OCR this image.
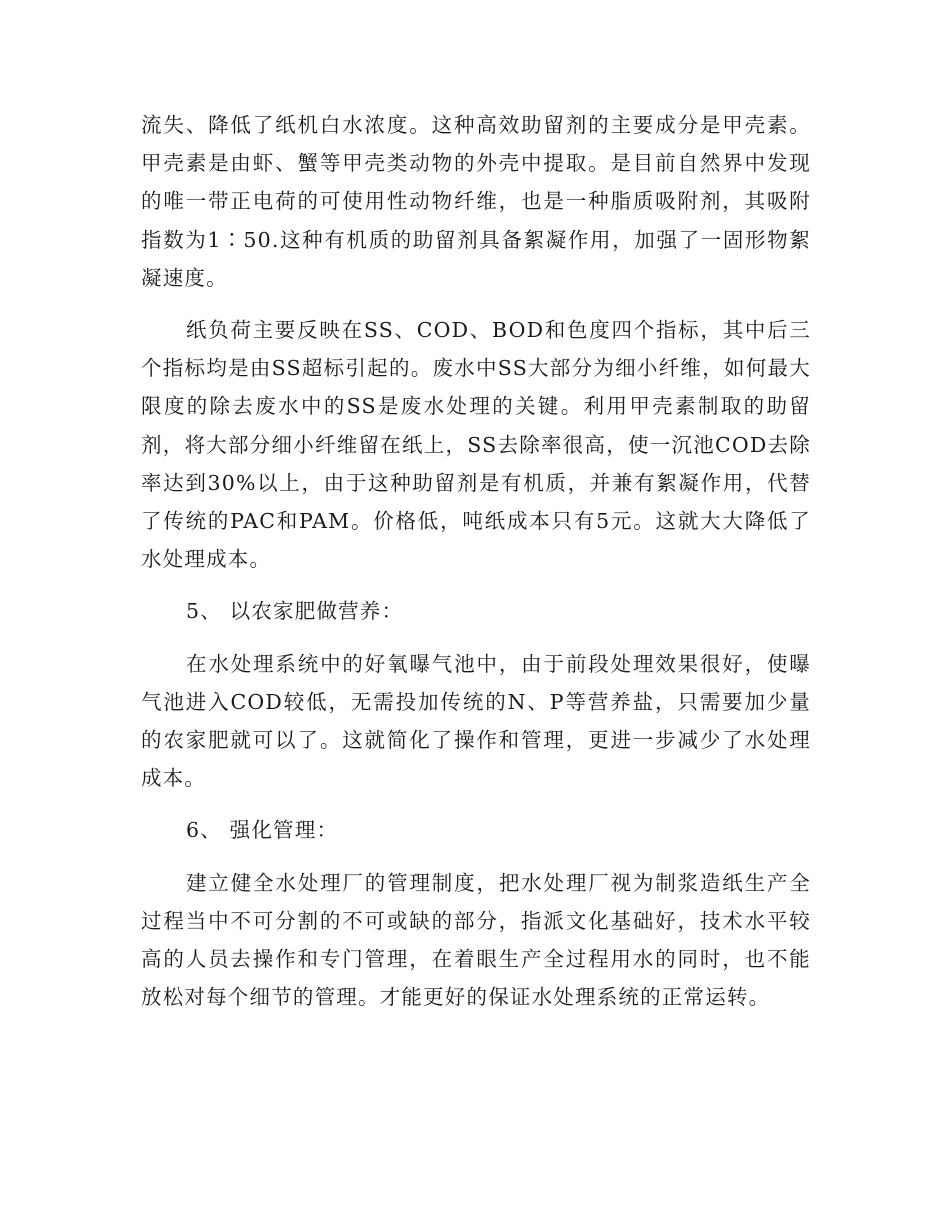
流失、降低了纸机白水浓度。这种高效助留剂的主要成分是甲壳素。甲壳素是由虾、蟹等甲壳类动物的外壳中提取。是目前自然界中发现的唯一带正电荷的可使用性动物纤维，也是一种脂质吸附剂，其吸附指数为1∶50.这种有机质的助留剂具备絮凝作用，加强了一固形物絮凝速度。

纸负荷主要反映在SS、COD、BOD和色度四个指标，其中后三个指标均是由SS超标引起的。废水中SS大部分为细小纤维，如何最大限度的除去废水中的SS是废水处理的关键。利用甲壳素制取的助留剂，将大部分细小纤维留在纸上，SS去除率很高，使一沉池COD去除率达到30%以上，由于这种助留剂是有机质，并兼有絮凝作用，代替了传统的PAC和PAM。价格低，吨纸成本只有5元。这就大大降低了水处理成本。

5、 以农家肥做营养：

在水处理系统中的好氧曝气池中，由于前段处理效果很好，使曝气池进入COD较低，无需投加传统的N、P等营养盐，只需要加少量的农家肥就可以了。这就简化了操作和管理，更进一步减少了水处理成本。

6、 强化管理：

建立健全水处理厂的管理制度，把水处理厂视为制浆造纸生产全过程当中不可分割的不可或缺的部分，指派文化基础好，技术水平较高的人员去操作和专门管理，在着眼生产全过程用水的同时，也不能放松对每个细节的管理。才能更好的保证水处理系统的正常运转。
